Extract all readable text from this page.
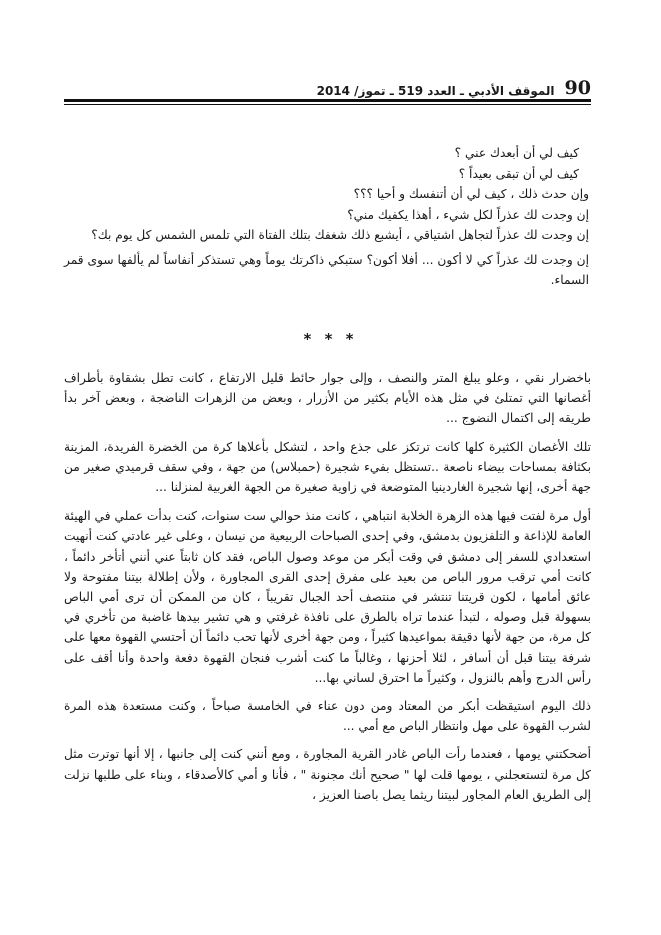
90
الموقف الأدبي ـ العدد 519 ـ تموز/ 2014

كيف لي أن أبعدك عني ؟

كيف لي أن تبقى بعيداً ؟

وإن حدث ذلك ، كيف لي أن أتنفسك و أحيا ؟؟؟

إن وجدت لك عذراً لكل شيء ، أهذا يكفيك مني؟

إن وجدت لك عذراً لتجاهل اشتياقي ، أيشبع ذلك شغفك بتلك الفتاة التي تلمس الشمس كل يوم بك؟

إن وجدت لك عذراً كي لا أكون ... أفلا أكون؟ ستبكي ذاكرتك يوماً وهي تستذكر أنفاساً لم يألفها سوى قمر السماء.

* * *

باخضرار نقي ، وعلو يبلغ المتر والنصف ، وإلى جوار حائط قليل الارتفاع ، كانت تطل بشقاوة بأطراف أغصانها التي تمتلئ في مثل هذه الأيام بكثير من الأزرار ، وبعض من الزهرات الناضجة ، وبعض آخر بدأ طريقه إلى اكتمال النضوج ...

تلك الأغصان الكثيرة كلها كانت ترتكز على جذع واحد ، لتشكل بأعلاها كرة من الخضرة الفريدة، المزينة بكثافة بمساحات بيضاء ناصعة ..تستظل بفيء شجيرة (حمبلاس) من جهة ، وفي سقف قرميدي صغير من جهة أخرى، إنها شجيرة الغاردينيا المتوضعة في زاوية صغيرة من الجهة الغربية لمنزلنا ...

أول مرة لفتت فيها هذه الزهرة الخلابة انتباهي ، كانت منذ حوالي ست سنوات، كنت بدأت عملي في الهيئة العامة للإذاعة و التلفزيون بدمشق، وفي إحدى الصباحات الربيعية من نيسان ، وعلى غير عادتي كنت أنهيت استعدادي للسفر إلى دمشق في وقت أبكر من موعد وصول الباص، فقد كان ثابتاً عني أنني أتأخر دائماً ، كانت أمي ترقب مرور الباص من بعيد على مفرق إحدى القرى المجاورة ، ولأن إطلالة بيتنا مفتوحة ولا عائق أمامها ، لكون قريتنا تنتشر في منتصف أحد الجبال تقريباً ، كان من الممكن أن ترى أمي الباص بسهولة قبل وصوله ، لتبدأ عندما تراه بالطرق على نافذة غرفتي و هي تشير بيدها غاضبة من تأخري في كل مرة، من جهة لأنها دقيقة بمواعيدها كثيراً ، ومن جهة أخرى لأنها تحب دائماً أن أحتسي القهوة معها على شرفة بيتنا قبل أن أسافر ، لئلا أحزنها ، وغالباً ما كنت أشرب فنجان القهوة دفعة واحدة وأنا أقف على رأس الدرج وأهم بالنزول ، وكثيراً ما احترق لساني بها...

ذلك اليوم استيقظت أبكر من المعتاد ومن دون عناء في الخامسة صباحاً ، وكنت مستعدة هذه المرة لشرب القهوة على مهل وانتظار الباص مع أمي ...

أضحكتني يومها ، فعندما رأت الباص غادر القرية المجاورة ، ومع أنني كنت إلى جانبها ، إلا أنها توترت مثل كل مرة لتستعجلني ، يومها قلت لها " صحيح أنك مجنونة " ، فأنا و أمي كالأصدقاء ، وبناء على طلبها نزلت إلى الطريق العام المجاور لبيتنا ريثما يصل باصنا العزيز ،
